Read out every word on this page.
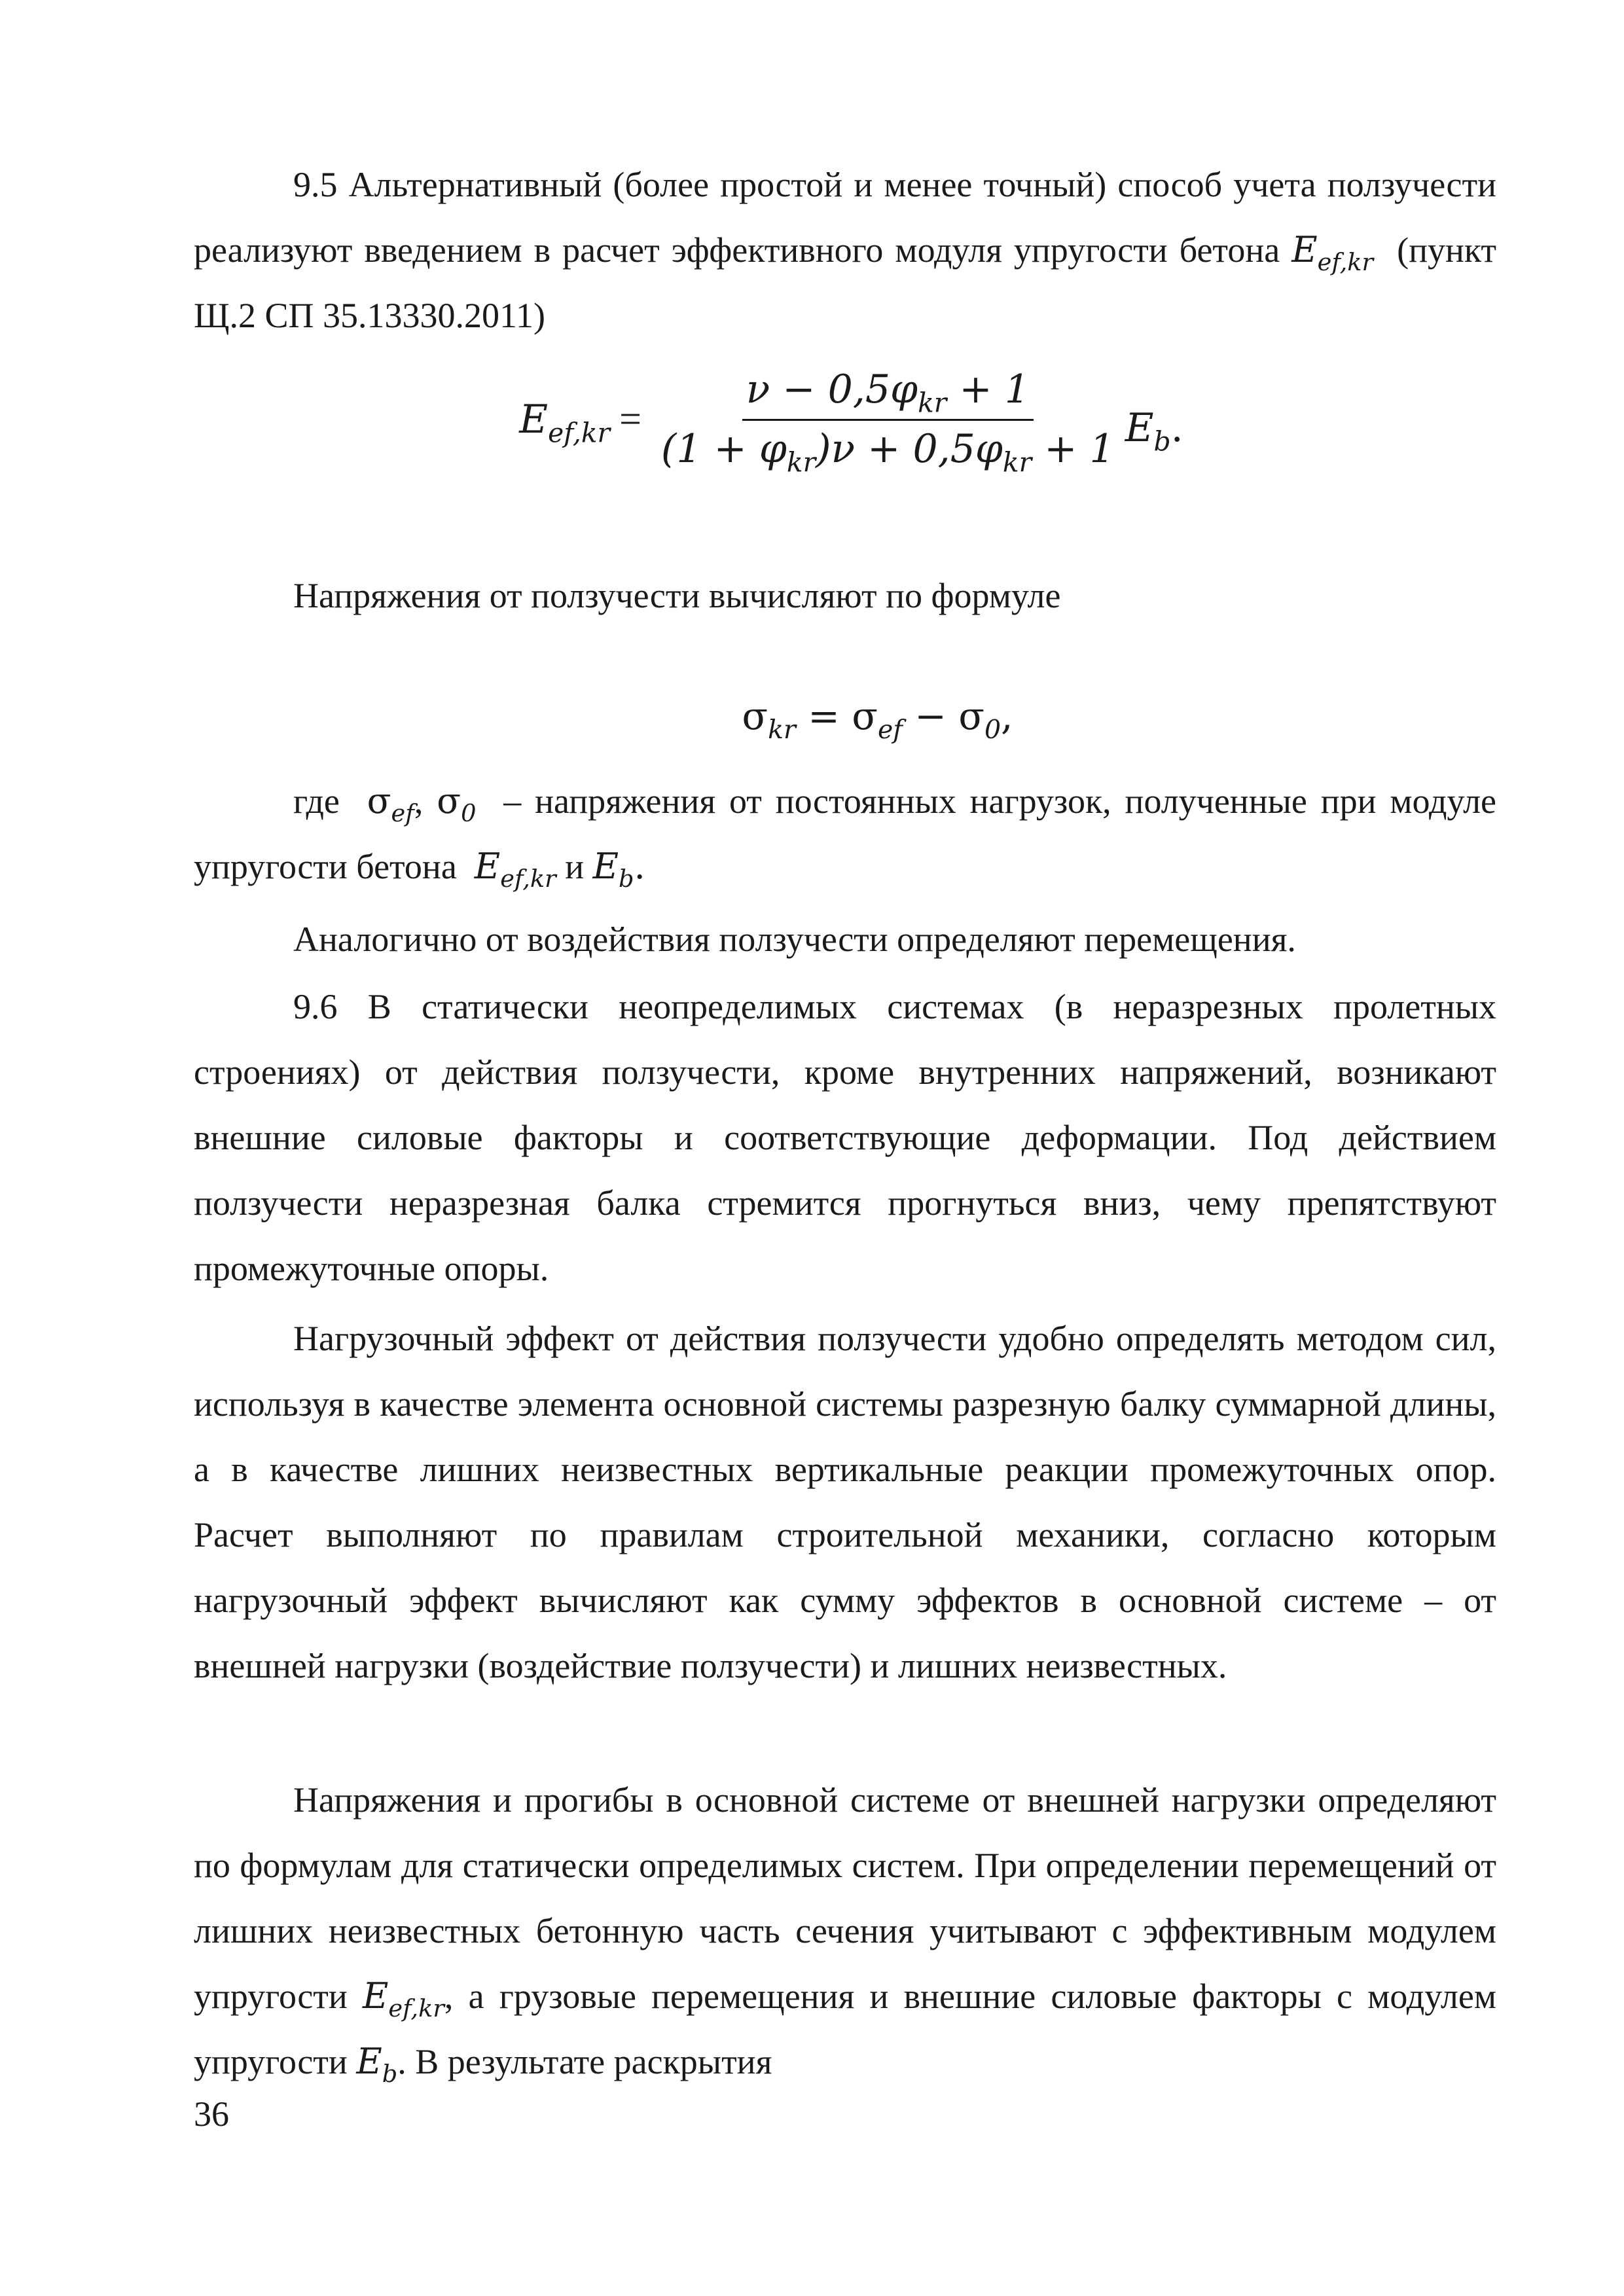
9.5 Альтернативный (более простой и менее точный) способ учета ползучести реализуют введением в расчет эффективного модуля упругости бетона $E_{ef,kr}$ (пункт Щ.2 СП 35.13330.2011)

$E_{ef,kr} = \frac{\nu - 0,5\varphi_{kr} + 1}{(1 + \varphi_{kr})\nu + 0,5\varphi_{kr} + 1} E_b$.

Напряжения от ползучести вычисляют по формуле

$\sigma_{kr} = \sigma_{ef} - \sigma_0$,

где $\sigma_{ef}$, $\sigma_0$ – напряжения от постоянных нагрузок, полученные при модуле упругости бетона $E_{ef,kr}$ и $E_b$.

Аналогично от воздействия ползучести определяют перемещения.

9.6 В статически неопределимых системах (в неразрезных пролетных строениях) от действия ползучести, кроме внутренних напряжений, возникают внешние силовые факторы и соответствующие деформации. Под действием ползучести неразрезная балка стремится прогнуться вниз, чему препятствуют промежуточные опоры.

Нагрузочный эффект от действия ползучести удобно определять методом сил, используя в качестве элемента основной системы разрезную балку суммарной длины, а в качестве лишних неизвестных вертикальные реакции промежуточных опор. Расчет выполняют по правилам строительной механики, согласно которым нагрузочный эффект вычисляют как сумму эффектов в основной системе – от внешней нагрузки (воздействие ползучести) и лишних неизвестных.

Напряжения и прогибы в основной системе от внешней нагрузки определяют по формулам для статически определимых систем. При определении перемещений от лишних неизвестных бетонную часть сечения учитывают с эффективным модулем упругости $E_{ef,kr}$, а грузовые перемещения и внешние силовые факторы с модулем упругости $E_b$. В результате раскрытия

36
